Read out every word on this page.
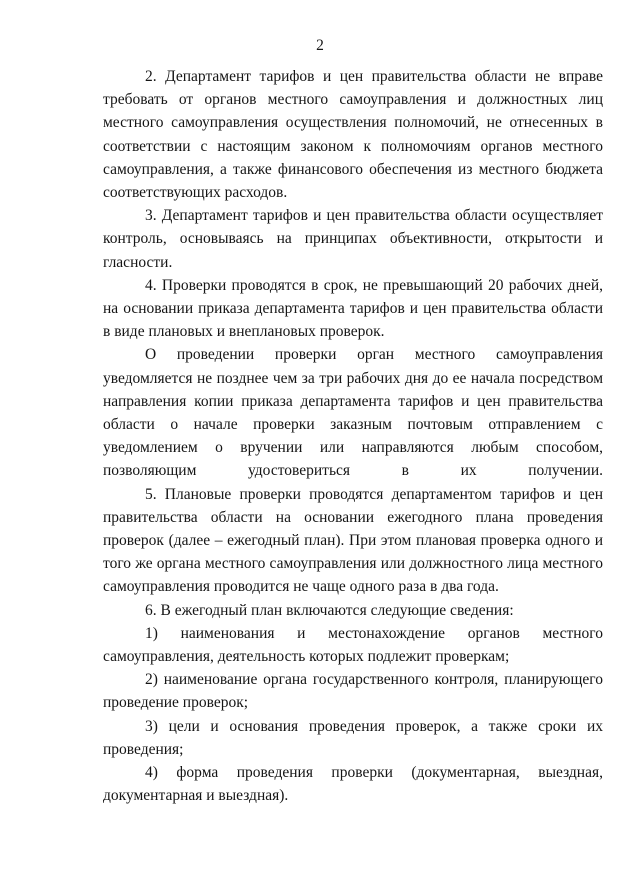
2

2. Департамент тарифов и цен правительства области не вправе требовать от органов местного самоуправления и должностных лиц местного самоуправления осуществления полномочий, не отнесенных в соответствии с настоящим законом к полномочиям органов местного самоуправления, а также финансового обеспечения из местного бюджета соответствующих расходов.

3. Департамент тарифов и цен правительства области осуществляет контроль, основываясь на принципах объективности, открытости и гласности.

4. Проверки проводятся в срок, не превышающий 20 рабочих дней, на основании приказа департамента тарифов и цен правительства области в виде плановых и внеплановых проверок.

О проведении проверки орган местного самоуправления уведомляется не позднее чем за три рабочих дня до ее начала посредством направления копии приказа департамента тарифов и цен правительства области о начале проверки заказным почтовым отправлением с уведомлением о вручении или направляются любым способом, позволяющим удостовериться в их	получении.

5. Плановые проверки проводятся департаментом тарифов и цен правительства области на основании ежегодного плана проведения проверок (далее – ежегодный план). При этом плановая проверка одного и того же органа местного самоуправления или должностного лица местного самоуправления проводится не чаще одного раза в два года.

6. В ежегодный план включаются следующие сведения:

1) наименования и местонахождение органов местного самоуправления, деятельность которых подлежит проверкам;

2) наименование органа государственного контроля, планирующего проведение проверок;

3) цели и основания проведения проверок, а также сроки их проведения;

4) форма проведения проверки (документарная, выездная, документарная и выездная).
